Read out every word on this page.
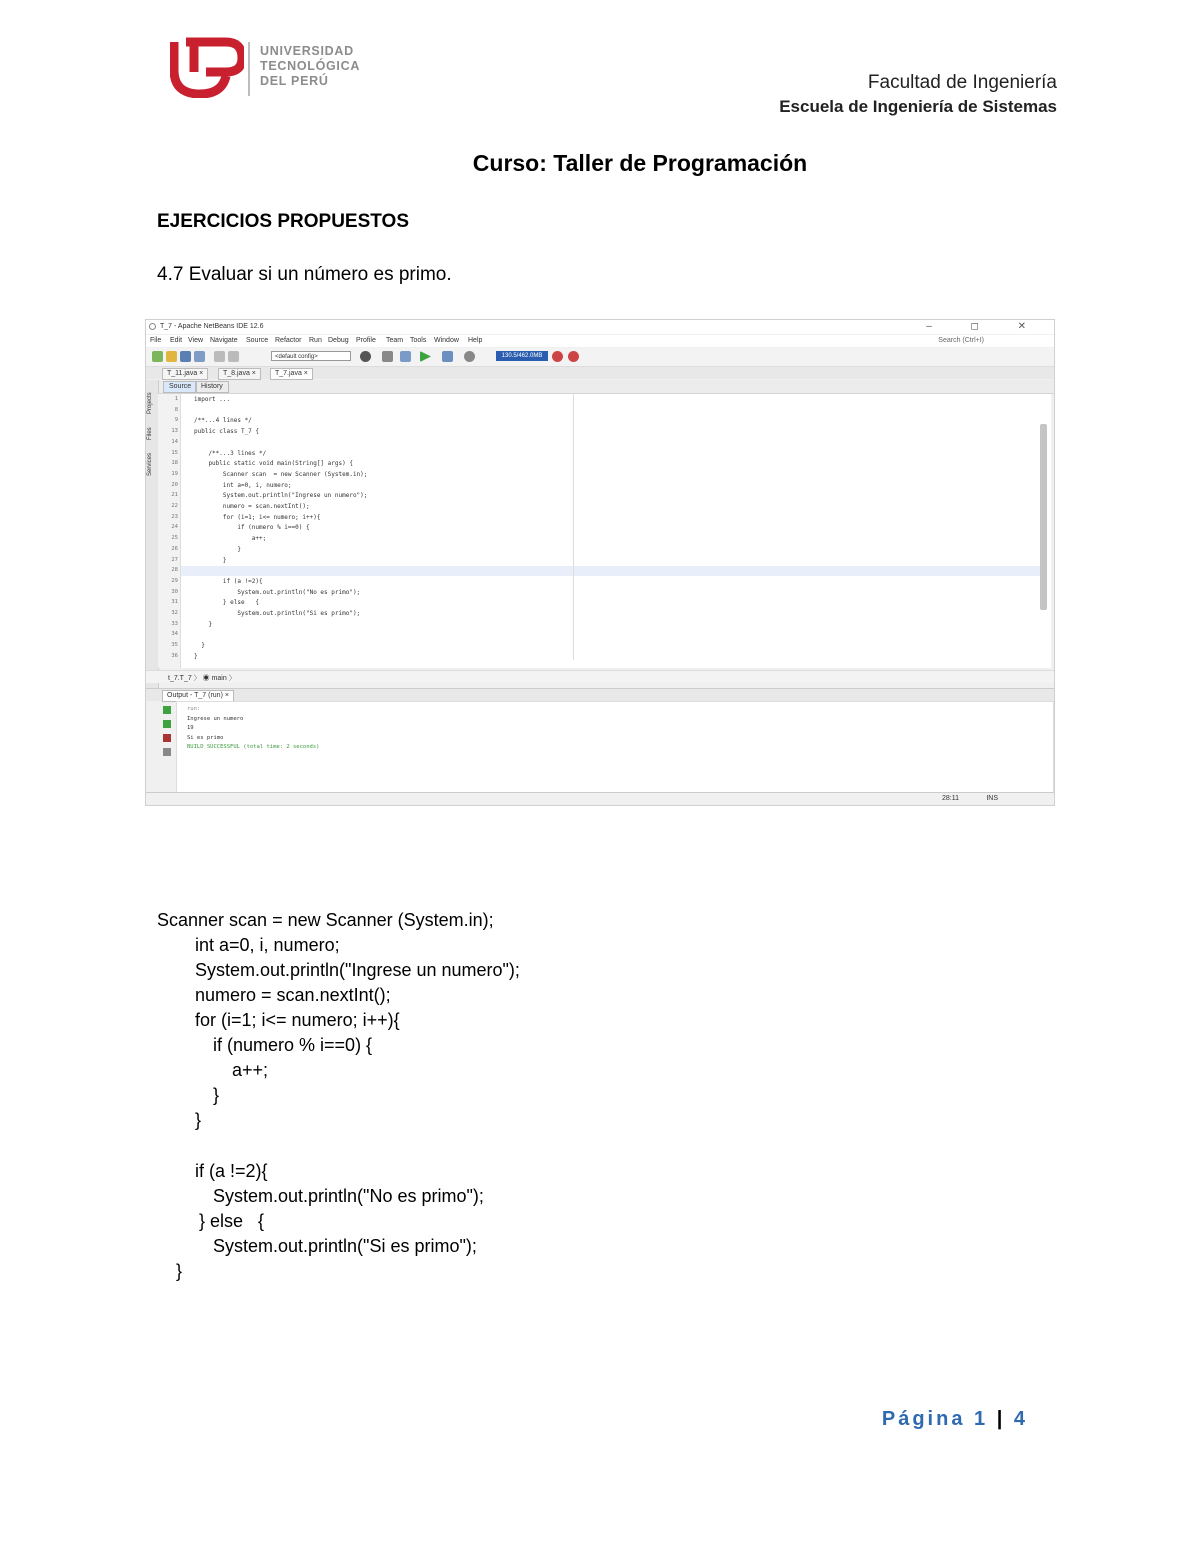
UNIVERSIDAD
TECNOLÓGICA
DEL PERÚ	Facultad de Ingeniería
Escuela de Ingeniería de Sistemas
Curso: Taller de Programación
EJERCICIOS PROPUESTOS
4.7 Evaluar si un número es primo.
T_7 - Apache NetBeans IDE 12.6	– ◻ ✕
File Edit View Navigate Source Refactor Run Debug Profile Team Tools Window Help	Search (Ctrl+I)
<default config>	130.5/462.0MB
T_11.java ×	T_8.java ×	T_7.java ×
Projects
Files
Services
Source	History
1
8
9
13
14
15
18
19
20
21
22
23
24
25
26
27
28
29
30
31
32
33
34
35
36
import ...
/**...4 lines */
public class T_7 {
/**...3 lines */
public static void main(String[] args) {
Scanner scan  = new Scanner (System.in);
int a=0, i, numero;
System.out.println("Ingrese un numero");
numero = scan.nextInt();
for (i=1; i<= numero; i++){
if (numero % i==0) {
a++;
}
}
if (a !=2){
System.out.println("No es primo");
} else   {
System.out.println("Si es primo");
}
}
}
t_7.T_7 〉 ◉ main 〉
Output - T_7 (run) ×
run:
Ingrese un numero
19
Si es primo
BUILD SUCCESSFUL (total time: 2 seconds)
28:11	INS
Scanner scan = new Scanner (System.in);
int a=0, i, numero;
System.out.println("Ingrese un numero");
numero = scan.nextInt();
for (i=1; i<= numero; i++){
if (numero % i==0) {
a++;
}
}
if (a !=2){
System.out.println("No es primo");
} else   {
System.out.println("Si es primo");
}
Página 1 | 4
